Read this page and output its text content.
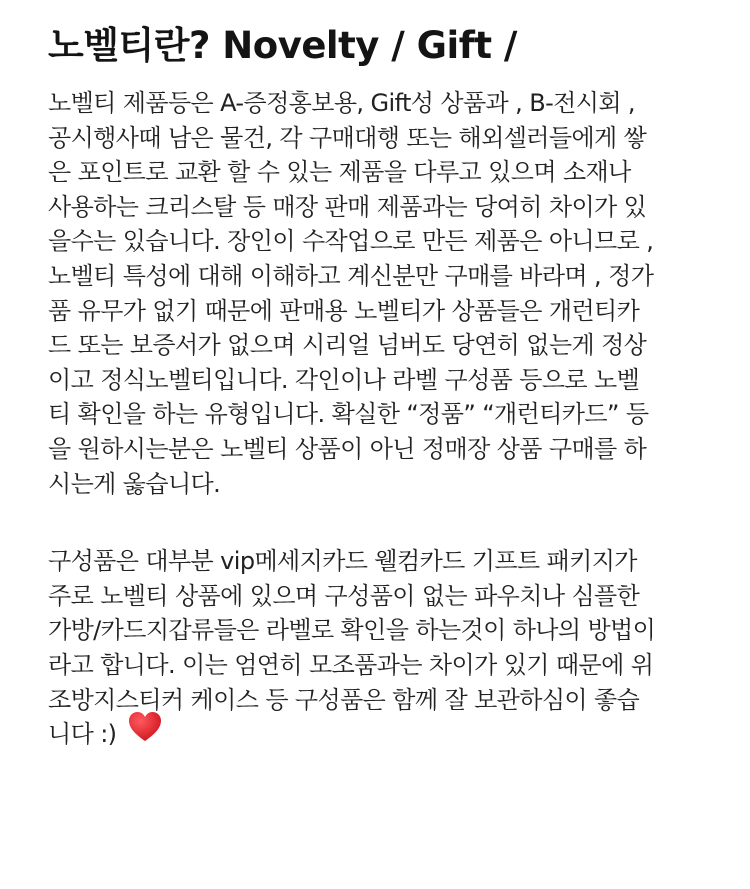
노벨티란? Novelty / Gift /

노벨티 제품등은 A-증정홍보용, Gift성 상품과 , B-전시회 ,
공시행사때 남은 물건, 각 구매대행 또는 해외셀러들에게 쌓
은 포인트로 교환 할 수 있는 제품을 다루고 있으며 소재나
사용하는 크리스탈 등 매장 판매 제품과는 당여히 차이가 있
을수는 있습니다. 장인이 수작업으로 만든 제품은 아니므로 ,
노벨티 특성에 대해 이해하고 계신분만 구매를 바라며 , 정가
품 유무가 없기 때문에 판매용 노벨티가 상품들은 개런티카
드 또는 보증서가 없으며 시리얼 넘버도 당연히 없는게 정상
이고 정식노벨티입니다. 각인이나 라벨 구성품 등으로 노벨
티 확인을 하는 유형입니다. 확실한 “정품” “개런티카드” 등
을 원하시는분은 노벨티 상품이 아닌 정매장 상품 구매를 하
시는게 옳습니다.

구성품은 대부분 vip메세지카드 웰컴카드 기프트 패키지가
주로 노벨티 상품에 있으며 구성품이 없는 파우치나 심플한
가방/카드지갑류들은 라벨로 확인을 하는것이 하나의 방법이
라고 합니다. 이는 엄연히 모조품과는 차이가 있기 때문에 위
조방지스티커 케이스 등 구성품은 함께 잘 보관하심이 좋습
니다 :)
